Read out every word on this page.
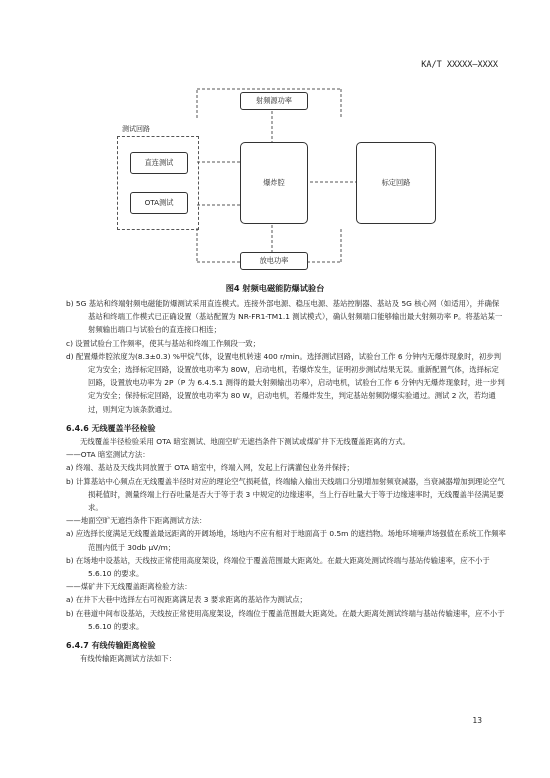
KA/T XXXXX—XXXX
测试回路
直连测试
OTA测试
射频源功率
爆炸腔
放电功率
标定回路
图4 射频电磁能防爆试验台

b) 5G 基站和终端射频电磁能防爆测试采用直连模式。连接外部电源、稳压电源、基站控制器、基站及 5G 核心网（如适用），并确保基站和终端工作模式已正确设置（基站配置为 NR-FR1-TM1.1 测试模式），确认射频端口能够输出最大射频功率 P。将基站某一射频输出端口与试验台的直连接口相连；

c) 设置试验台工作频率，使其与基站和终端工作频段一致；

d) 配置爆炸腔浓度为(8.3±0.3) %甲烷气体，设置电机转速 400 r/min。选择测试回路，试验台工作 6 分钟内无爆炸现象时，初步判定为安全；选择标定回路，设置放电功率为 80W，启动电机，若爆炸发生，证明初步测试结果无误。重新配置气体，选择标定回路，设置放电功率为 2P（P 为 6.4.5.1 测得的最大射频输出功率），启动电机，试验台工作 6 分钟内无爆炸现象时，进一步判定为安全；保持标定回路，设置放电功率为 80 W，启动电机，若爆炸发生，判定基站射频防爆实验通过。测试 2 次，若均通过，则判定为该条款通过。

6.4.6 无线覆盖半径检验

无线覆盖半径检验采用 OTA 暗室测试、地面空旷无遮挡条件下测试或煤矿井下无线覆盖距离的方式。

——OTA 暗室测试方法：

a) 终端、基站及天线共同放置于 OTA 暗室中，终端入网，发起上行满灌包业务并保持；

b) 计算基站中心频点在无线覆盖半径时对应的理论空气损耗值，终端输入输出天线端口分别增加射频衰减器，当衰减器增加到理论空气损耗值时，测量终端上行吞吐量是否大于等于表 3 中规定的边缘速率，当上行吞吐量大于等于边缘速率时，无线覆盖半径满足要求。

——地面空旷无遮挡条件下距离测试方法：

a) 应选择长度满足无线覆盖最远距离的开阔场地，场地内不应有相对于地面高于 0.5m 的遮挡物。场地环境噪声场强值在系统工作频率范围内低于 30db μV/m；

b) 在场地中设基站，天线按正常使用高度架设，终端位于覆盖范围最大距离处。在最大距离处测试终端与基站传输速率，应不小于 5.6.10 的要求。

——煤矿井下无线覆盖距离检验方法：

a) 在井下大巷中选择左右可视距离满足表 3 要求距离的基站作为测试点；

b) 在巷道中间布设基站，天线按正常使用高度架设，终端位于覆盖范围最大距离处。在最大距离处测试终端与基站传输速率，应不小于 5.6.10 的要求。

6.4.7 有线传输距离检验

有线传输距离测试方法如下：

13
